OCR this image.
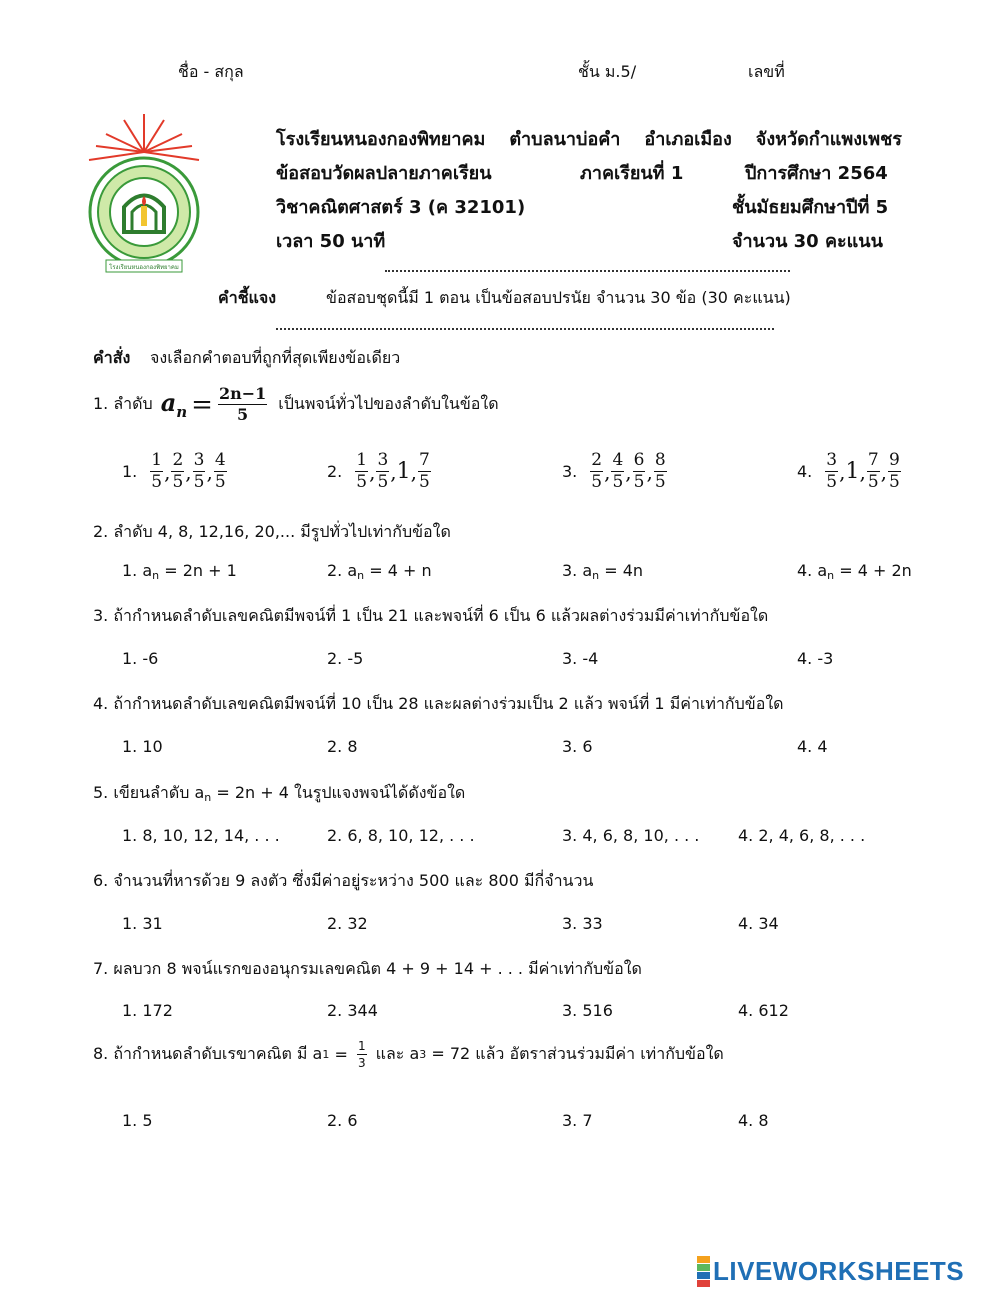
ชื่อ - สกุล	ชั้น ม.5/	เลขที่
โรงเรียนหนองกองพิทยาคม
โรงเรียนหนองกองพิทยาคม ตำบลนาบ่อคำ อำเภอเมือง จังหวัดกำแพงเพชร
ข้อสอบวัดผลปลายภาคเรียน	ภาคเรียนที่ 1	ปีการศึกษา 2564
วิชาคณิตศาสตร์ 3 (ค 32101)	ชั้นมัธยมศึกษาปีที่ 5
เวลา 50 นาที	จำนวน 30 คะแนน
คำชี้แจง	ข้อสอบชุดนี้มี 1 ตอน เป็นข้อสอบปรนัย จำนวน 30 ข้อ (30 คะแนน)
คำสั่ง จงเลือกคำตอบที่ถูกที่สุดเพียงข้อเดียว
1. ลำดับ $a_n = \frac{2n-1}{5}$ เป็นพจน์ทั่วไปของลำดับในข้อใด
1. $\frac{1}{5}$ , $\frac{2}{5}$ , $\frac{3}{5}$ , $\frac{4}{5}$	2. $\frac{1}{5}$ , $\frac{3}{5}$ , 1 , $\frac{7}{5}$	3. $\frac{2}{5}$ , $\frac{4}{5}$ , $\frac{6}{5}$ , $\frac{8}{5}$	4. $\frac{3}{5}$ , 1 , $\frac{7}{5}$ , $\frac{9}{5}$
2. ลำดับ 4, 8, 12,16, 20,... มีรูปทั่วไปเท่ากับข้อใด
1. $a_n = 2n + 1$	2. $a_n = 4 + n$	3. $a_n = 4n$	4. $a_n = 4 + 2n$
3. ถ้ากำหนดลำดับเลขคณิตมีพจน์ที่ 1 เป็น 21 และพจน์ที่ 6 เป็น 6 แล้วผลต่างร่วมมีค่าเท่ากับข้อใด
1. -6	2. -5	3. -4	4. -3
4. ถ้ากำหนดลำดับเลขคณิตมีพจน์ที่ 10 เป็น 28 และผลต่างร่วมเป็น 2 แล้ว พจน์ที่ 1 มีค่าเท่ากับข้อใด
1. 10	2. 8	3. 6	4. 4
5. เขียนลำดับ $a_n = 2n + 4$ ในรูปแจงพจน์ได้ดังข้อใด
1. 8, 10, 12, 14, . . .	2. 6, 8, 10, 12, . . .	3. 4, 6, 8, 10, . . . 4. 2, 4, 6, 8, . . .
6. จำนวนที่หารด้วย 9 ลงตัว ซึ่งมีค่าอยู่ระหว่าง 500 และ 800 มีกี่จำนวน
1. 31	2. 32	3. 33	4. 34
7. ผลบวก 8 พจน์แรกของอนุกรมเลขคณิต 4 + 9 + 14 + . . . มีค่าเท่ากับข้อใด
1. 172	2. 344	3. 516	4. 612
8. ถ้ากำหนดลำดับเรขาคณิต มี a $1 = \frac{1}{3}$ และ a 3 = 72 แล้ว อัตราส่วนร่วมมีค่า เท่ากับข้อใด
1. 5	2. 6	3. 7	4. 8
LIVEWORKSHEETS
